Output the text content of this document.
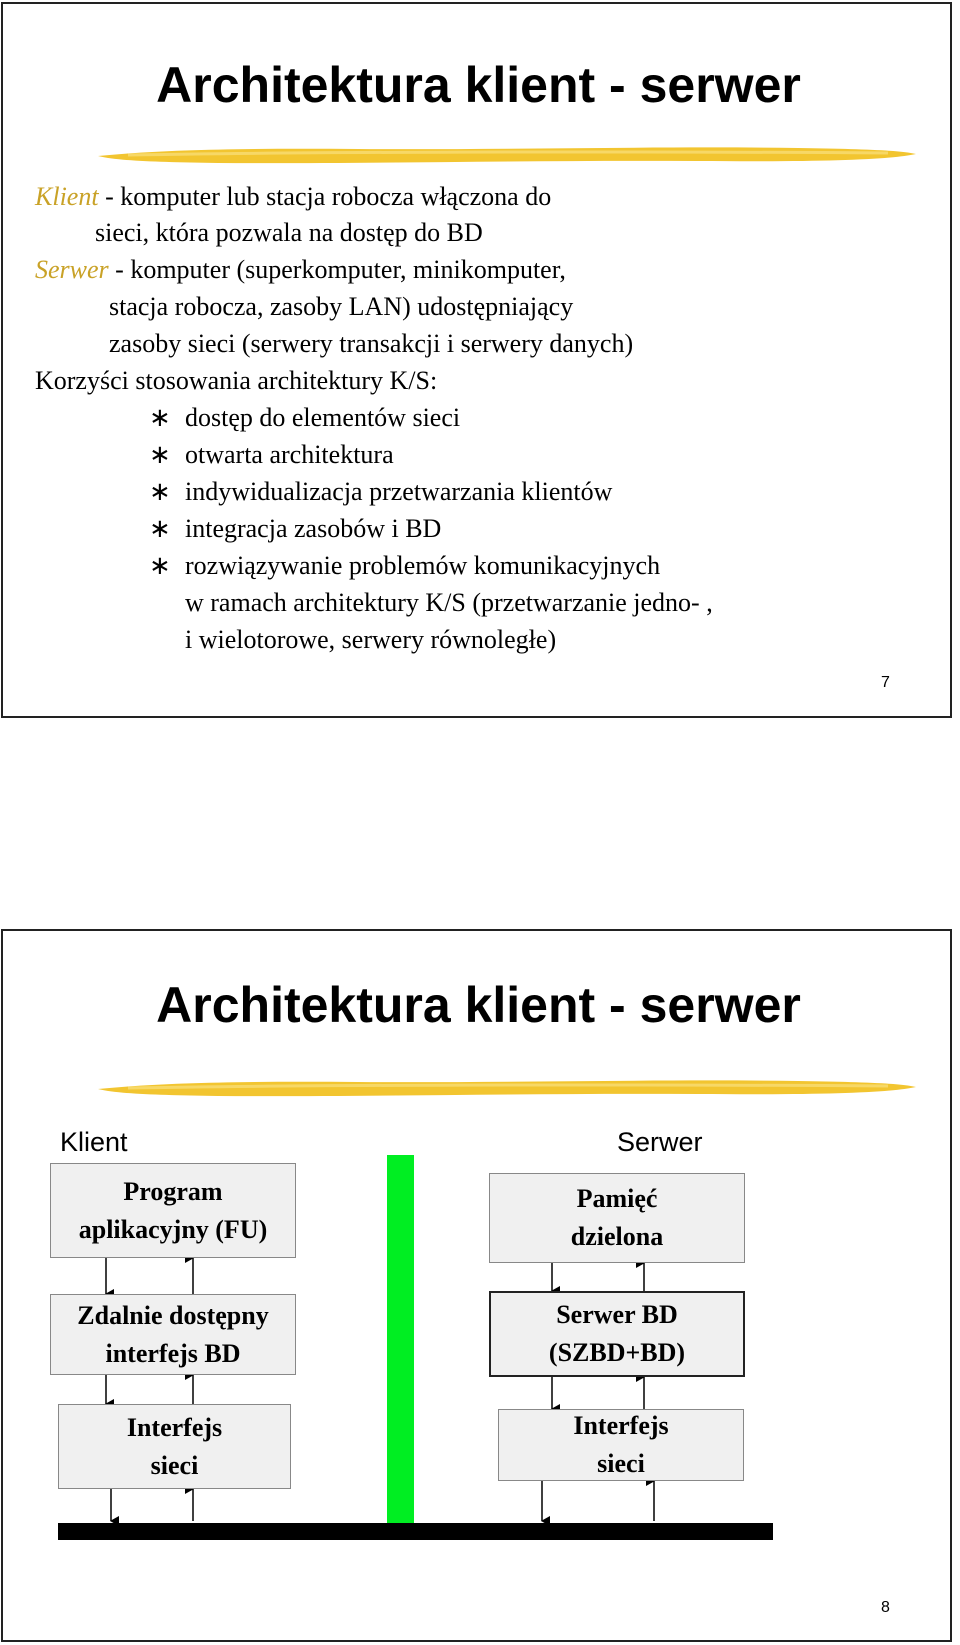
Architektura klient - serwer
Klient - komputer lub stacja robocza włączona do
sieci, która pozwala na dostęp do BD
Serwer - komputer (superkomputer, minikomputer,
stacja robocza, zasoby LAN) udostępniający
zasoby sieci (serwery transakcji i serwery danych)
Korzyści stosowania architektury K/S:
∗ dostęp do elementów sieci
∗ otwarta architektura
∗ indywidualizacja przetwarzania klientów
∗ integracja zasobów i BD
∗ rozwiązywanie problemów komunikacyjnych
w ramach architektury K/S (przetwarzanie jedno- ,
i wielotorowe, serwery równoległe)
7
Architektura klient - serwer
Klient	Serwer
Program
aplikacyjny (FU)
Zdalnie dostępny
interfejs BD
Interfejs
sieci
Pamięć
dzielona
Serwer BD
(SZBD+BD)
Interfejs
sieci
8
